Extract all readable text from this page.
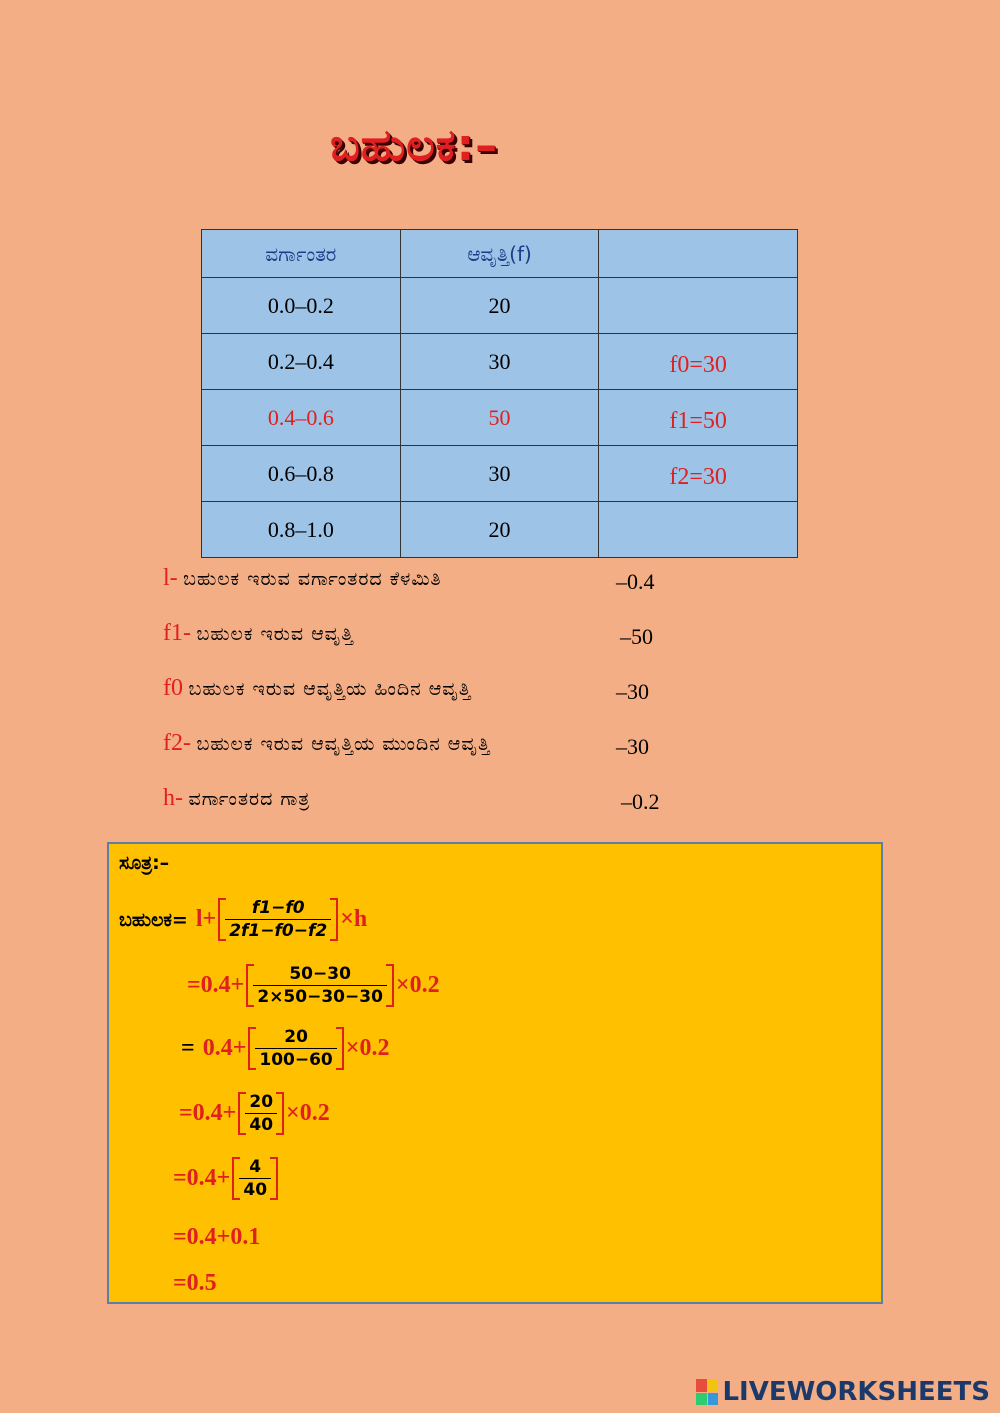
ಬಹುಲಕ:–
ವರ್ಗಾಂತರ	ಆವೃತ್ತಿ(f)	
0.0–0.2	20	
0.2–0.4	30	f0=30
0.4–0.6	50	f1=50
0.6–0.8	30	f2=30
0.8–1.0	20	
l- ಬಹುಲಕ ಇರುವ ವರ್ಗಾಂತರದ ಕೆಳಮಿತಿ	–0.4
f1- ಬಹುಲಕ ಇರುವ ಆವೃತ್ತಿ	–50
f0 ಬಹುಲಕ ಇರುವ ಆವೃತ್ತಿಯ ಹಿಂದಿನ ಆವೃತ್ತಿ	–30
f2- ಬಹುಲಕ ಇರುವ ಆವೃತ್ತಿಯ ಮುಂದಿನ ಆವೃತ್ತಿ	–30
h- ವರ್ಗಾಂತರದ ಗಾತ್ರ	–0.2
ಸೂತ್ರ:–
ಬಹುಲಕ= $l+ \frac{f1-f0}{2f1-f0-f2} \times h$
$=0.4+ \frac{50-30}{2\times 50-30-30} \times 0.2$
= $0.4+ \frac{20}{100-60} \times 0.2$
$=0.4+ \frac{20}{40} \times 0.2$
$=0.4+ \frac{4}{40}$
=0.4+0.1
=0.5
LIVEWORKSHEETS
